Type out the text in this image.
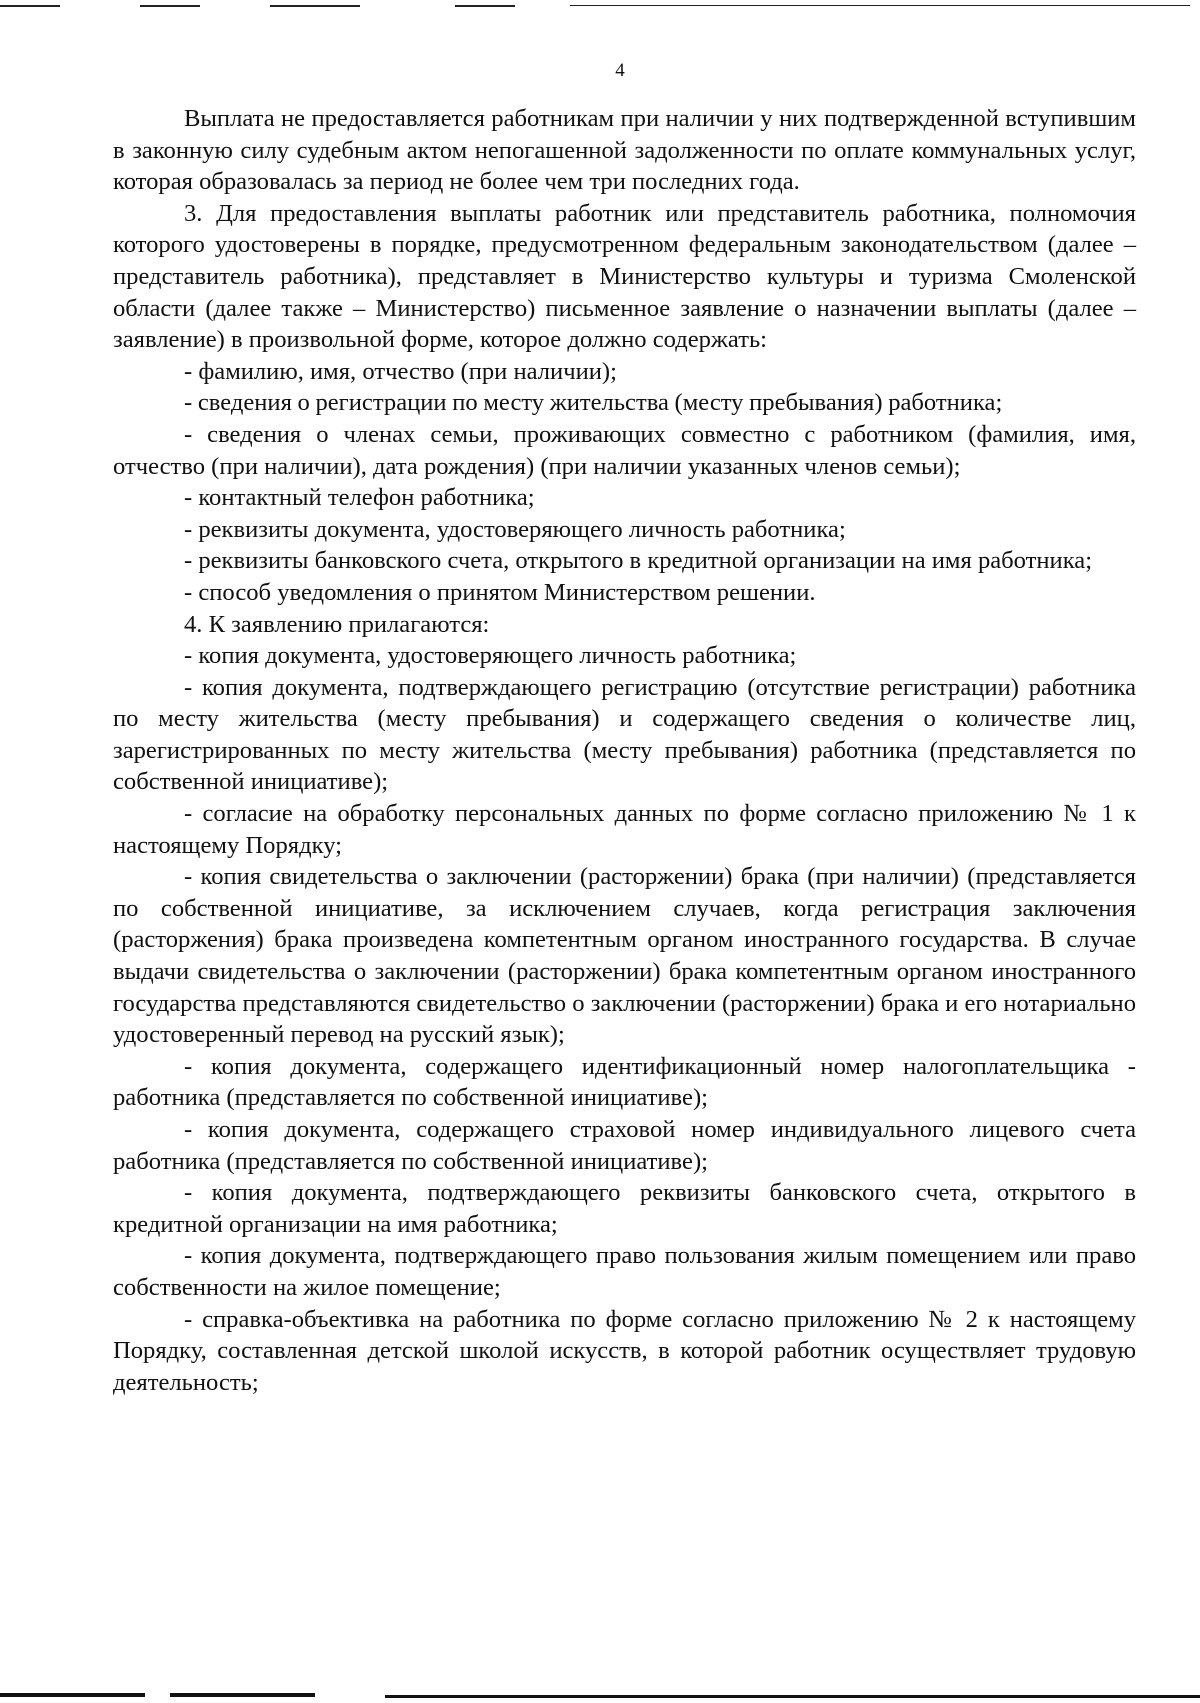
4

Выплата не предоставляется работникам при наличии у них подтвержденной вступившим в законную силу судебным актом непогашенной задолженности по оплате коммунальных услуг, которая образовалась за период не более чем три последних года.

3. Для предоставления выплаты работник или представитель работника, полномочия которого удостоверены в порядке, предусмотренном федеральным законодательством (далее – представитель работника), представляет в Министерство культуры и туризма Смоленской области (далее также – Министерство) письменное заявление о назначении выплаты (далее – заявление) в произвольной форме, которое должно содержать:

- фамилию, имя, отчество (при наличии);

- сведения о регистрации по месту жительства (месту пребывания) работника;

- сведения о членах семьи, проживающих совместно с работником (фамилия, имя, отчество (при наличии), дата рождения) (при наличии указанных членов семьи);

- контактный телефон работника;

- реквизиты документа, удостоверяющего личность работника;

- реквизиты банковского счета, открытого в кредитной организации на имя работника;

- способ уведомления о принятом Министерством решении.

4. К заявлению прилагаются:

- копия документа, удостоверяющего личность работника;

- копия документа, подтверждающего регистрацию (отсутствие регистрации) работника по месту жительства (месту пребывания) и содержащего сведения о количестве лиц, зарегистрированных по месту жительства (месту пребывания) работника (представляется по собственной инициативе);

- согласие на обработку персональных данных по форме согласно приложению № 1 к настоящему Порядку;

- копия свидетельства о заключении (расторжении) брака (при наличии) (представляется по собственной инициативе, за исключением случаев, когда регистрация заключения (расторжения) брака произведена компетентным органом иностранного государства. В случае выдачи свидетельства о заключении (расторжении) брака компетентным органом иностранного государства представляются свидетельство о заключении (расторжении) брака и его нотариально удостоверенный перевод на русский язык);

- копия документа, содержащего идентификационный номер налогоплательщика - работника (представляется по собственной инициативе);

- копия документа, содержащего страховой номер индивидуального лицевого счета работника (представляется по собственной инициативе);

- копия документа, подтверждающего реквизиты банковского счета, открытого в кредитной организации на имя работника;

- копия документа, подтверждающего право пользования жилым помещением или право собственности на жилое помещение;

- справка-объективка на работника по форме согласно приложению № 2 к настоящему Порядку, составленная детской школой искусств, в которой работник осуществляет трудовую деятельность;
